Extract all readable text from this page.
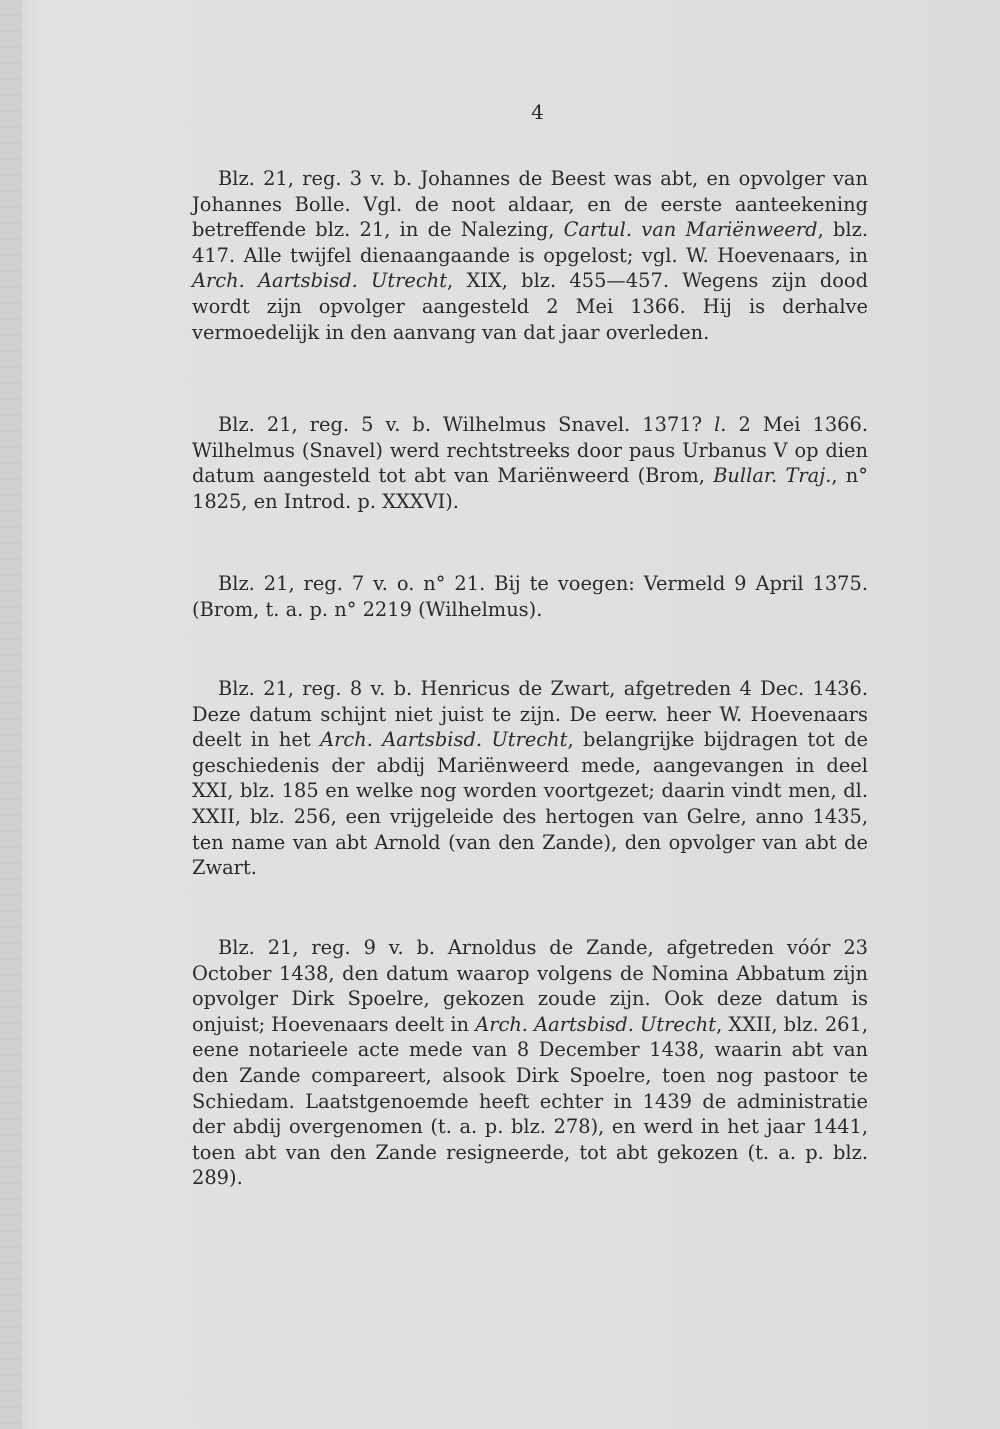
4

Blz. 21, reg. 3 v. b. Johannes de Beest was abt, en opvolger van Johannes Bolle. Vgl. de noot aldaar, en de eerste aanteekening betreffende blz. 21, in de Nalezing, Cartul. van Mariënweerd, blz. 417. Alle twijfel dienaangaande is opgelost; vgl. W. Hoevenaars, in Arch. Aartsbisd. Utrecht, XIX, blz. 455—457. Wegens zijn dood wordt zijn opvolger aangesteld 2 Mei 1366. Hij is derhalve vermoedelijk in den aanvang van dat jaar overleden.

Blz. 21, reg. 5 v. b. Wilhelmus Snavel. 1371? l. 2 Mei 1366. Wilhelmus (Snavel) werd rechtstreeks door paus Urbanus V op dien datum aangesteld tot abt van Mariënweerd (Brom, Bullar. Traj., n° 1825, en Introd. p. XXXVI).

Blz. 21, reg. 7 v. o. n° 21. Bij te voegen: Vermeld 9 April 1375. (Brom, t. a. p. n° 2219 (Wilhelmus).

Blz. 21, reg. 8 v. b. Henricus de Zwart, afgetreden 4 Dec. 1436. Deze datum schijnt niet juist te zijn. De eerw. heer W. Hoevenaars deelt in het Arch. Aartsbisd. Utrecht, belangrijke bijdragen tot de geschiedenis der abdij Mariënweerd mede, aangevangen in deel XXI, blz. 185 en welke nog worden voortgezet; daarin vindt men, dl. XXII, blz. 256, een vrijgeleide des hertogen van Gelre, anno 1435, ten name van abt Arnold (van den Zande), den opvolger van abt de Zwart.

Blz. 21, reg. 9 v. b. Arnoldus de Zande, afgetreden vóór 23 October 1438, den datum waarop volgens de Nomina Abbatum zijn opvolger Dirk Spoelre, gekozen zoude zijn. Ook deze datum is onjuist; Hoevenaars deelt in Arch. Aartsbisd. Utrecht, XXII, blz. 261, eene notarieele acte mede van 8 December 1438, waarin abt van den Zande compareert, alsook Dirk Spoelre, toen nog pastoor te Schiedam. Laatstgenoemde heeft echter in 1439 de administratie der abdij overgenomen (t. a. p. blz. 278), en werd in het jaar 1441, toen abt van den Zande resigneerde, tot abt gekozen (t. a. p. blz. 289).
